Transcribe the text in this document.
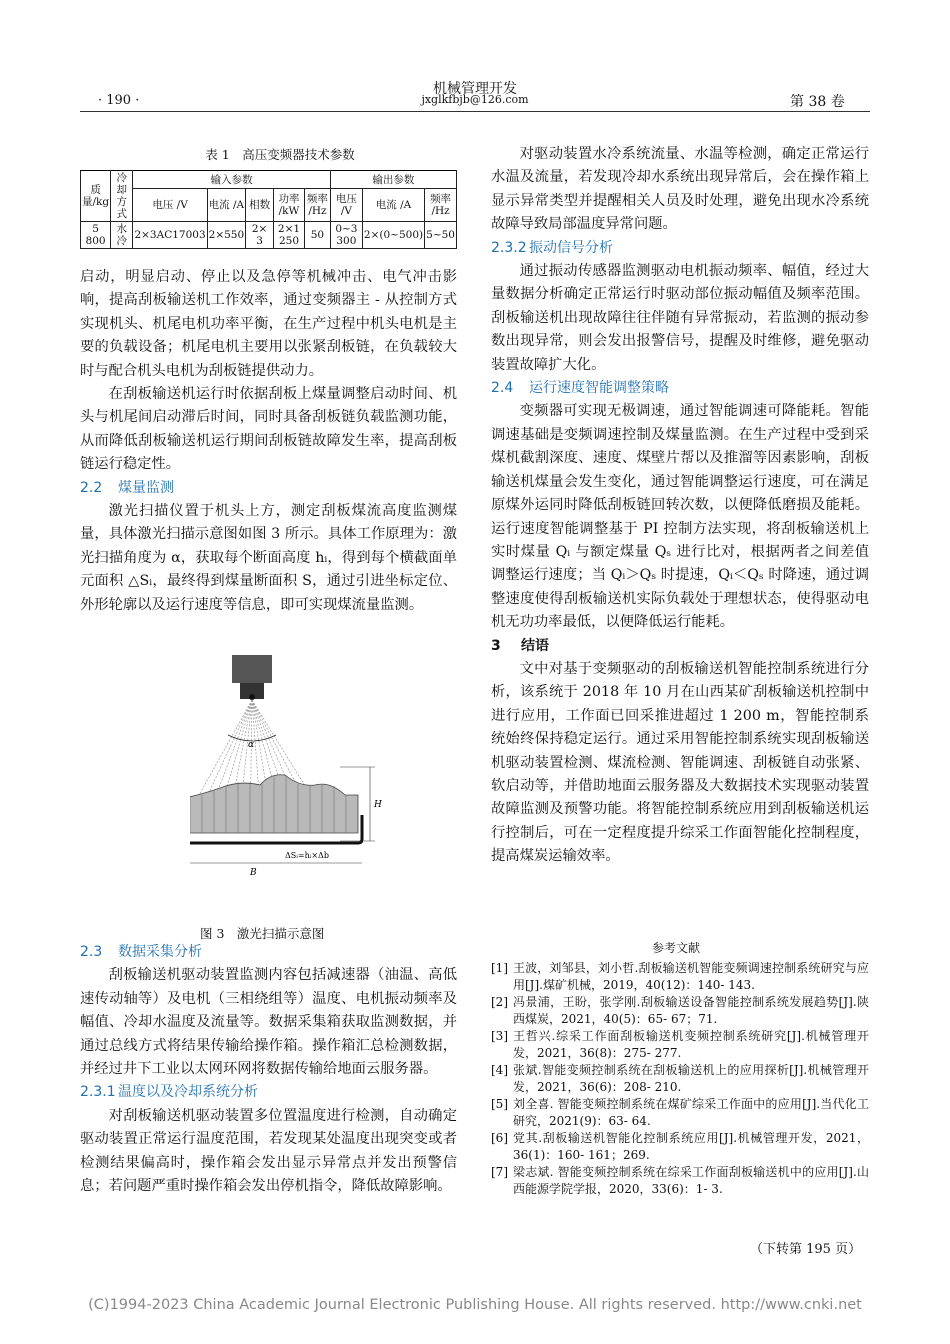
机械管理开发
jxglkfbjb@126.com
· 190 ·	第 38 卷
表 1　高压变频器技术参数
质量/kg	冷却方式	输入参数					输出参数		
		电压 /V	电流 /A	相数	功率 /kW	频率 /Hz	电压 /V	电流 /A	频率 /Hz
5 800	水冷	2×3AC17003	2×550	2× 3	2×1 250	50	0~3 300	2×(0~500)	5~50

启动，明显启动、停止以及急停等机械冲击、电气冲击影响，提高刮板输送机工作效率，通过变频器主 - 从控制方式实现机头、机尾电机功率平衡，在生产过程中机头电机是主要的负载设备；机尾电机主要用以张紧刮板链，在负载较大时与配合机头电机为刮板链提供动力。

在刮板输送机运行时依据刮板上煤量调整启动时间、机头与机尾间启动滞后时间，同时具备刮板链负载监测功能，从而降低刮板输送机运行期间刮板链故障发生率，提高刮板链运行稳定性。

2.2 煤量监测

激光扫描仪置于机头上方，测定刮板煤流高度监测煤量，具体激光扫描示意图如图 3 所示。具体工作原理为：激光扫描角度为 α，获取每个断面高度 hᵢ，得到每个横截面单元面积 △Sᵢ，最终得到煤量断面积 S，通过引进坐标定位、外形轮廓以及运行速度等信息，即可实现煤流量监测。

α
H
ΔSᵢ=hᵢ×Δb
B
图 3　激光扫描示意图
2.3 数据采集分析

刮板输送机驱动装置监测内容包括减速器（油温、高低速传动轴等）及电机（三相绕组等）温度、电机振动频率及幅值、冷却水温度及流量等。数据采集箱获取监测数据，并通过总线方式将结果传输给操作箱。操作箱汇总检测数据，并经过井下工业以太网环网将数据传输给地面云服务器。

2.3.1 温度以及冷却系统分析

对刮板输送机驱动装置多位置温度进行检测，自动确定驱动装置正常运行温度范围，若发现某处温度出现突变或者检测结果偏高时，操作箱会发出显示异常点并发出预警信息；若问题严重时操作箱会发出停机指令，降低故障影响。

对驱动装置水冷系统流量、水温等检测，确定正常运行水温及流量，若发现冷却水系统出现异常后，会在操作箱上显示异常类型并提醒相关人员及时处理，避免出现水冷系统故障导致局部温度异常问题。

2.3.2 振动信号分析

通过振动传感器监测驱动电机振动频率、幅值，经过大量数据分析确定正常运行时驱动部位振动幅值及频率范围。刮板输送机出现故障往往伴随有异常振动，若监测的振动参数出现异常，则会发出报警信号，提醒及时维修，避免驱动装置故障扩大化。

2.4 运行速度智能调整策略

变频器可实现无极调速，通过智能调速可降能耗。智能调速基础是变频调速控制及煤量监测。在生产过程中受到采煤机截割深度、速度、煤壁片帮以及推溜等因素影响，刮板输送机煤量会发生变化，通过智能调整运行速度，可在满足原煤外运同时降低刮板链回转次数，以便降低磨损及能耗。运行速度智能调整基于 PI 控制方法实现，将刮板输送机上实时煤量 Qᵢ 与额定煤量 Qₛ 进行比对，根据两者之间差值调整运行速度；当 Qᵢ＞Qₛ 时提速，Qᵢ＜Qₛ 时降速，通过调整速度使得刮板输送机实际负载处于理想状态，使得驱动电机无功功率最低，以便降低运行能耗。

3 结语

文中对基于变频驱动的刮板输送机智能控制系统进行分析，该系统于 2018 年 10 月在山西某矿刮板输送机控制中进行应用，工作面已回采推进超过 1 200 m，智能控制系统始终保持稳定运行。通过采用智能控制系统实现刮板输送机驱动装置检测、煤流检测、智能调速、刮板链自动张紧、软启动等，并借助地面云服务器及大数据技术实现驱动装置故障监测及预警功能。将智能控制系统应用到刮板输送机运行控制后，可在一定程度提升综采工作面智能化控制程度，提高煤炭运输效率。

参考文献
[1] 王波，刘邹县，刘小哲.刮板输送机智能变频调速控制系统研究与应用[J].煤矿机械，2019，40(12)：140- 143.
[2] 冯景浦，王盼，张学刚.刮板输送设备智能控制系统发展趋势[J].陕西煤炭，2021，40(5)：65- 67；71.
[3] 王哲兴.综采工作面刮板输送机变频控制系统研究[J].机械管理开发，2021，36(8)：275- 277.
[4] 张斌.智能变频控制系统在刮板输送机上的应用探析[J].机械管理开发，2021，36(6)：208- 210.
[5] 刘全喜. 智能变频控制系统在煤矿综采工作面中的应用[J].当代化工研究，2021(9)：63- 64.
[6] 党其.刮板输送机智能化控制系统应用[J].机械管理开发，2021，36(1)：160- 161；269.
[7] 梁志斌. 智能变频控制系统在综采工作面刮板输送机中的应用[J].山西能源学院学报，2020，33(6)：1- 3.
（下转第 195 页）
(C)1994-2023 China Academic Journal Electronic Publishing House. All rights reserved. http://www.cnki.net
